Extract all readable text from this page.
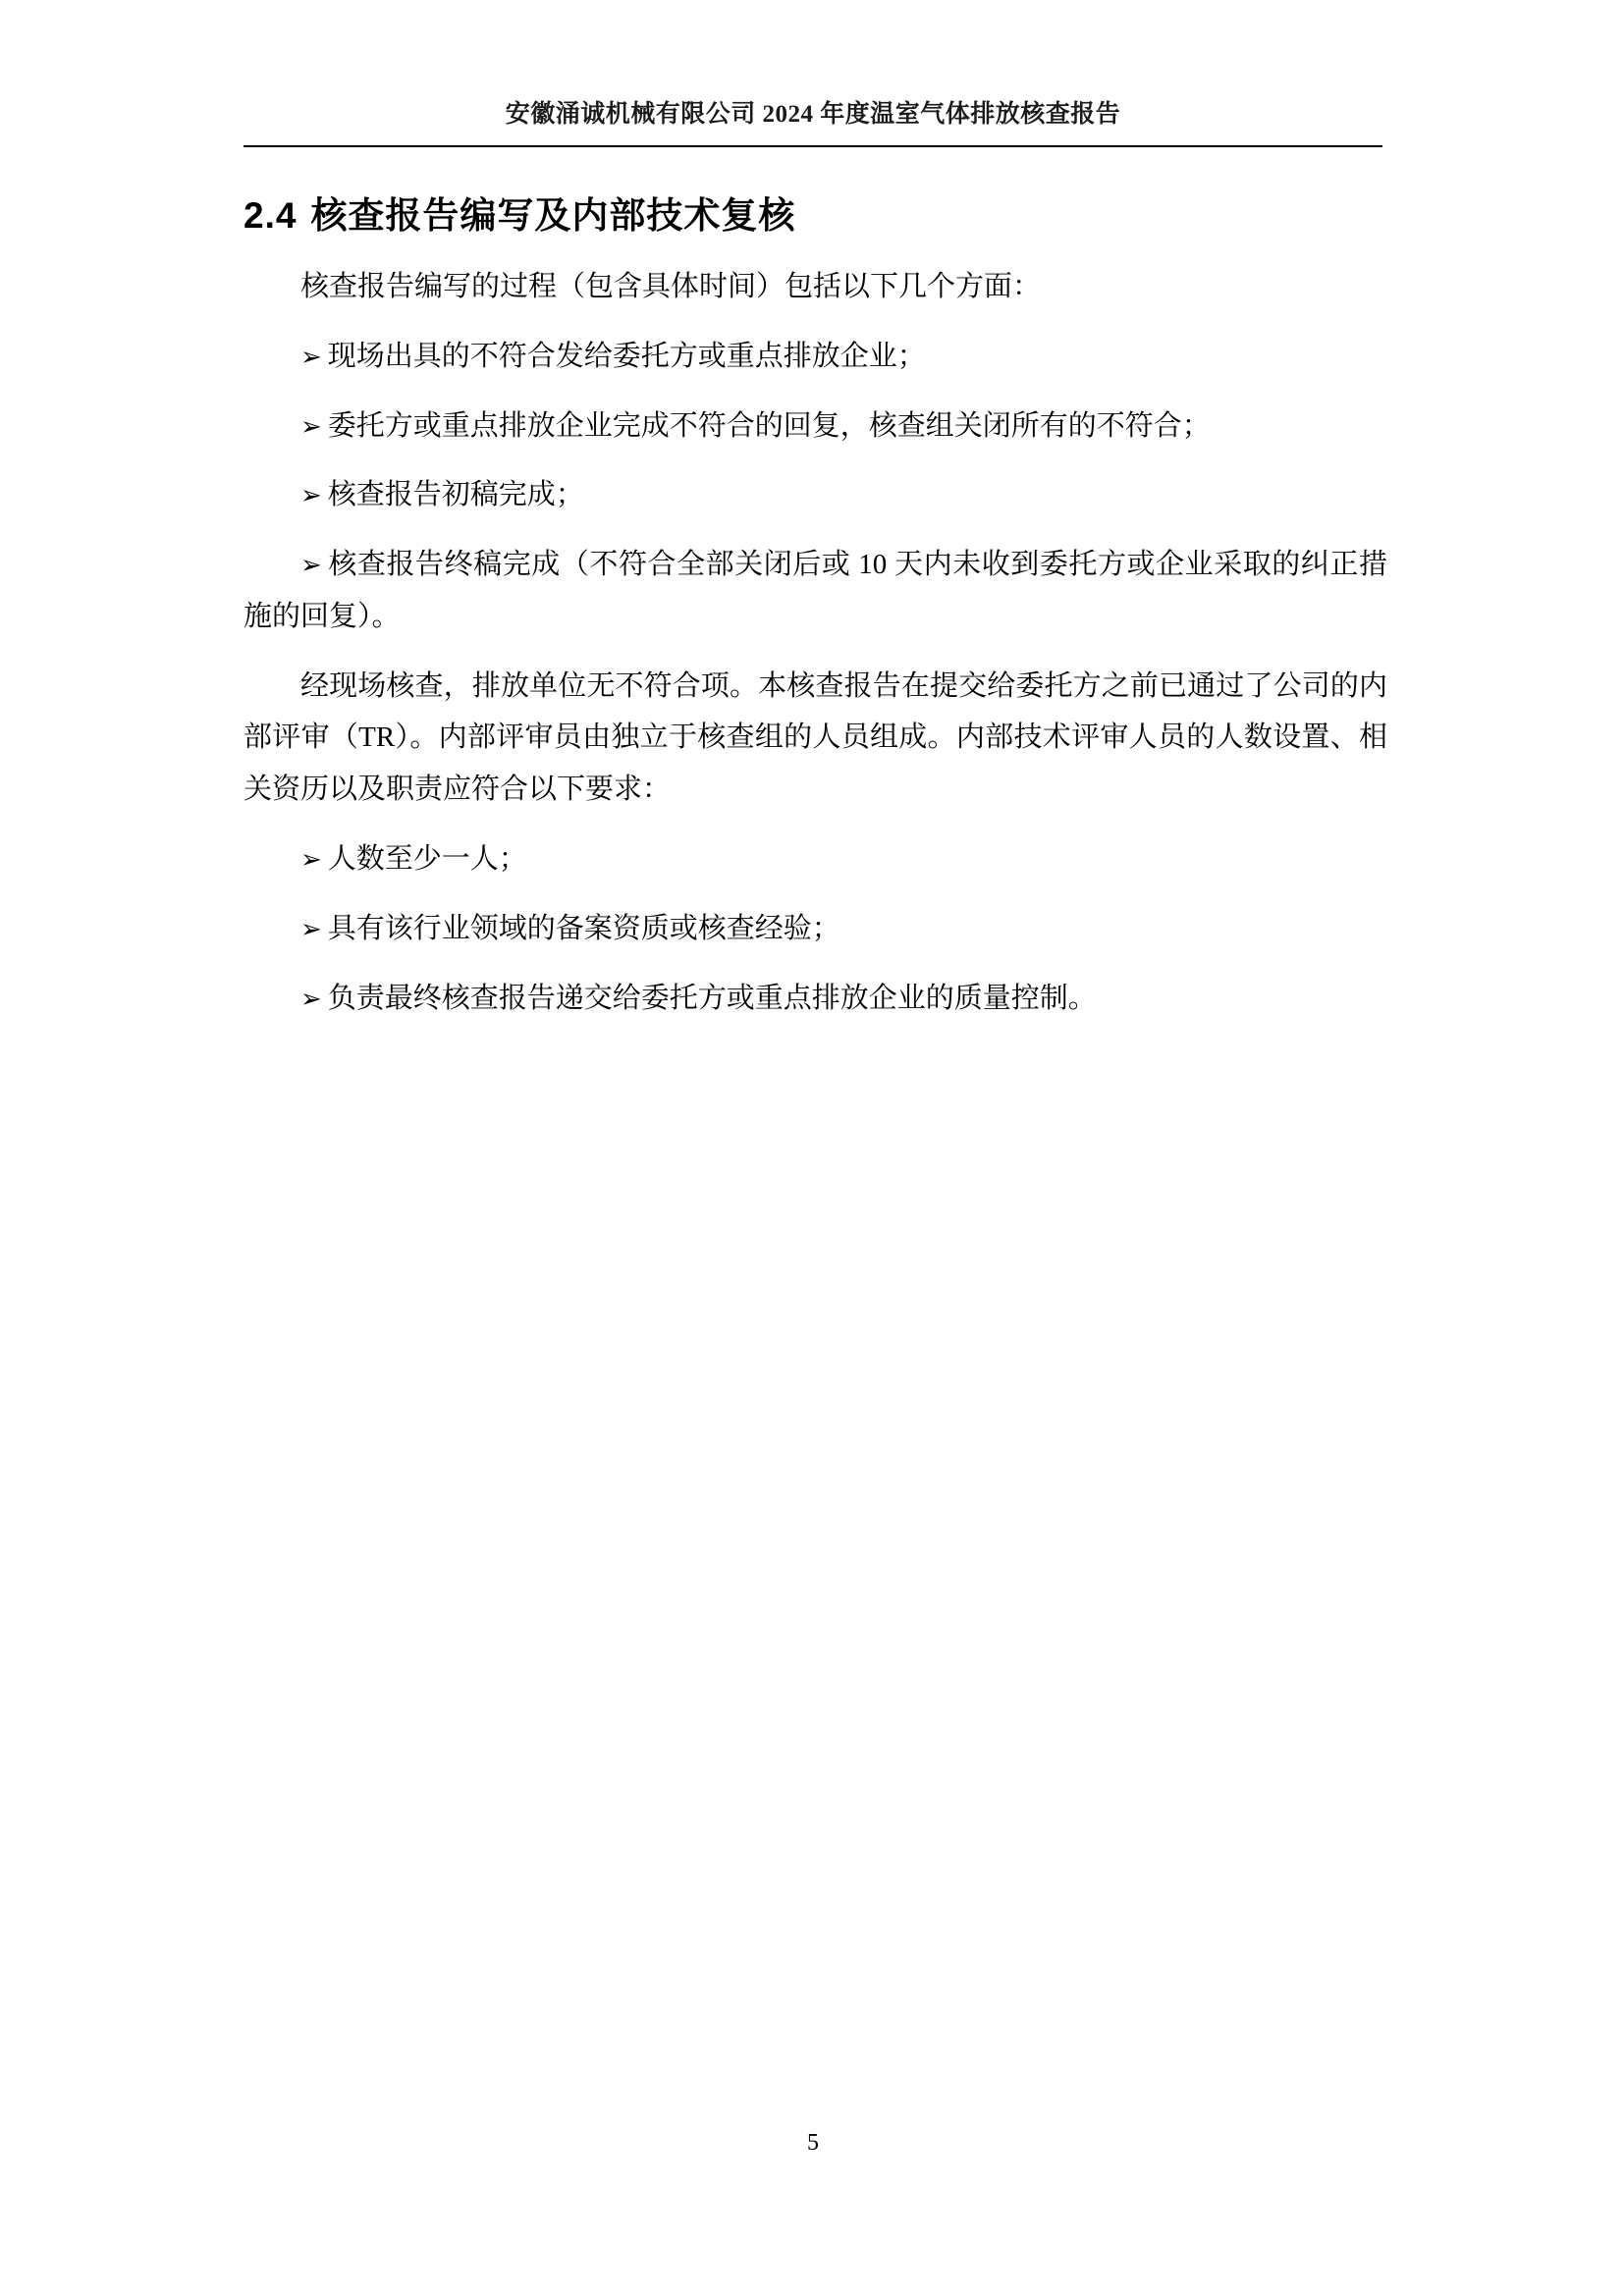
安徽涌诚机械有限公司 2024 年度温室气体排放核查报告
2.4 核查报告编写及内部技术复核

核查报告编写的过程（包含具体时间）包括以下几个方面：

➢ 现场出具的不符合发给委托方或重点排放企业；

➢ 委托方或重点排放企业完成不符合的回复，核查组关闭所有的不符合；

➢ 核查报告初稿完成；

➢ 核查报告终稿完成（不符合全部关闭后或 10 天内未收到委托方或企业采取的纠正措施的回复）。

经现场核查，排放单位无不符合项。本核查报告在提交给委托方之前已通过了公司的内部评审（TR）。内部评审员由独立于核查组的人员组成。内部技术评审人员的人数设置、相关资历以及职责应符合以下要求：

➢ 人数至少一人；

➢ 具有该行业领域的备案资质或核查经验；

➢ 负责最终核查报告递交给委托方或重点排放企业的质量控制。

5
